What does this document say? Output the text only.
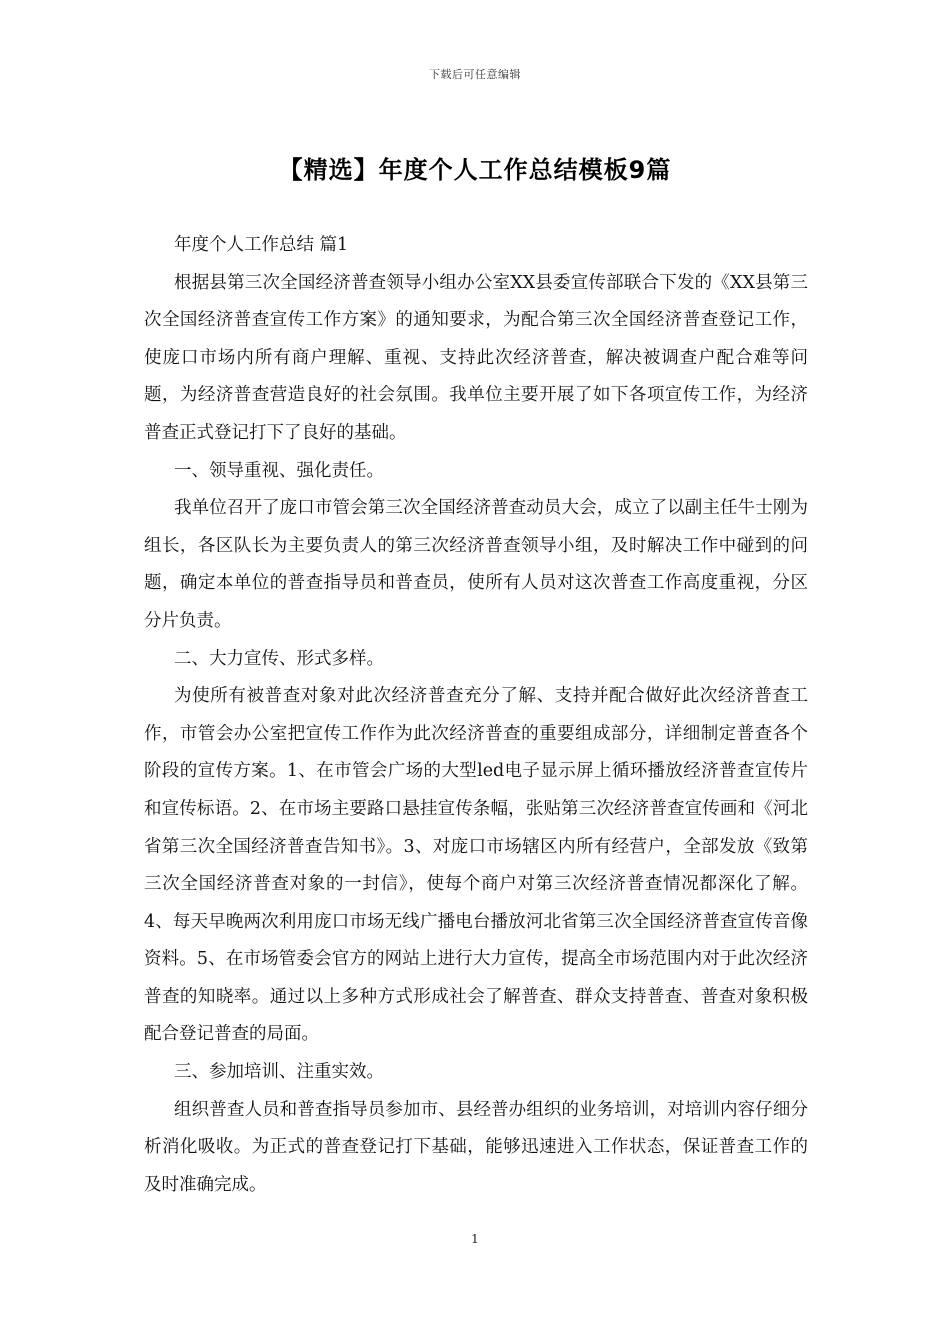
下载后可任意编辑
【精选】年度个人工作总结模板9篇

年度个人工作总结 篇1

根据县第三次全国经济普查领导小组办公室XX县委宣传部联合下发的《XX县第三次全国经济普查宣传工作方案》的通知要求，为配合第三次全国经济普查登记工作，使庞口市场内所有商户理解、重视、支持此次经济普查，解决被调查户配合难等问题，为经济普查营造良好的社会氛围。我单位主要开展了如下各项宣传工作，为经济普查正式登记打下了良好的基础。

一、领导重视、强化责任。

我单位召开了庞口市管会第三次全国经济普查动员大会，成立了以副主任牛士刚为组长，各区队长为主要负责人的第三次经济普查领导小组，及时解决工作中碰到的问题，确定本单位的普查指导员和普查员，使所有人员对这次普查工作高度重视，分区分片负责。

二、大力宣传、形式多样。

为使所有被普查对象对此次经济普查充分了解、支持并配合做好此次经济普查工作，市管会办公室把宣传工作作为此次经济普查的重要组成部分，详细制定普查各个阶段的宣传方案。1、在市管会广场的大型led电子显示屏上循环播放经济普查宣传片和宣传标语。2、在市场主要路口悬挂宣传条幅，张贴第三次经济普查宣传画和《河北省第三次全国经济普查告知书》。3、对庞口市场辖区内所有经营户，全部发放《致第三次全国经济普查对象的一封信》，使每个商户对第三次经济普查情况都深化了解。4、每天早晚两次利用庞口市场无线广播电台播放河北省第三次全国经济普查宣传音像资料。5、在市场管委会官方的网站上进行大力宣传，提高全市场范围内对于此次经济普查的知晓率。通过以上多种方式形成社会了解普查、群众支持普查、普查对象积极配合登记普查的局面。

三、参加培训、注重实效。

组织普查人员和普查指导员参加市、县经普办组织的业务培训，对培训内容仔细分析消化吸收。为正式的普查登记打下基础，能够迅速进入工作状态，保证普查工作的及时准确完成。

1
